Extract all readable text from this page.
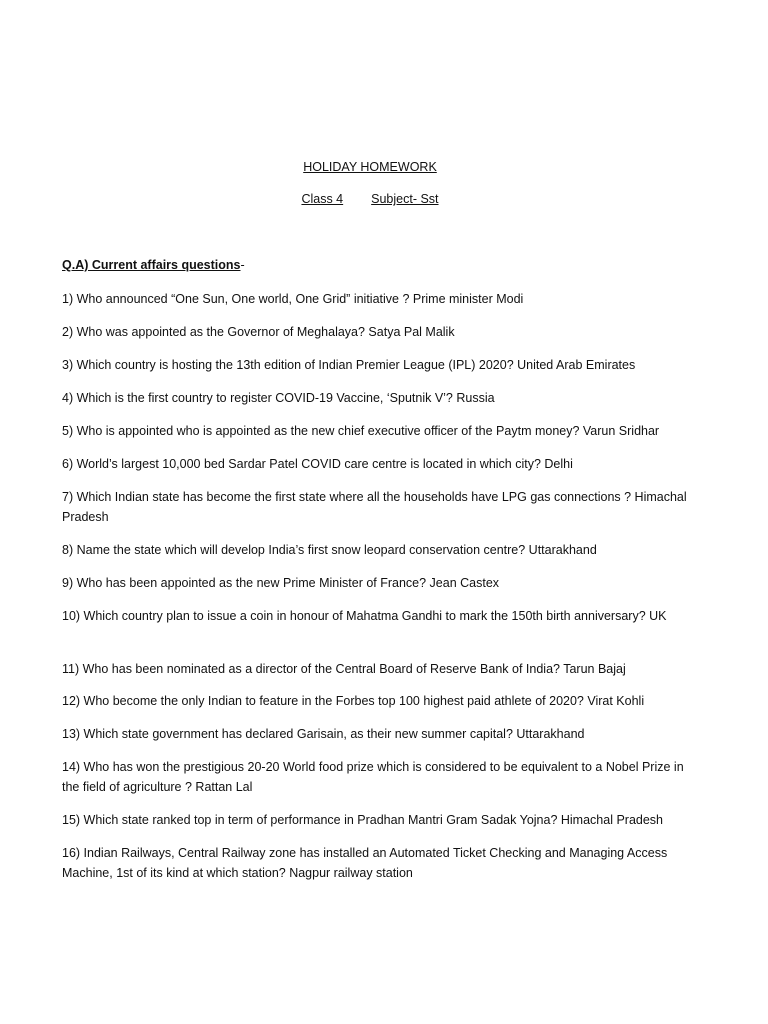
HOLIDAY HOMEWORK
Class 4 Subject- Sst
Q.A) Current affairs questions-
1) Who announced “One Sun, One world, One Grid” initiative ? Prime minister Modi
2) Who was appointed as the Governor of Meghalaya? Satya Pal Malik
3) Which country is hosting the 13th edition of Indian Premier League (IPL) 2020? United Arab Emirates
4) Which is the first country to register COVID-19 Vaccine, ‘Sputnik V’? Russia
5) Who is appointed who is appointed as the new chief executive officer of the Paytm money? Varun Sridhar
6) World’s largest 10,000 bed Sardar Patel COVID care centre is located in which city? Delhi
7) Which Indian state has become the first state where all the households have LPG gas connections ? Himachal Pradesh
8) Name the state which will develop India’s first snow leopard conservation centre? Uttarakhand
9) Who has been appointed as the new Prime Minister of France? Jean Castex
10) Which country plan to issue a coin in honour of Mahatma Gandhi to mark the 150th birth anniversary? UK
11) Who has been nominated as a director of the Central Board of Reserve Bank of India? Tarun Bajaj
12) Who become the only Indian to feature in the Forbes top 100 highest paid athlete of 2020? Virat Kohli
13) Which state government has declared Garisain, as their new summer capital? Uttarakhand
14) Who has won the prestigious 20-20 World food prize which is considered to be equivalent to a Nobel Prize in the field of agriculture ? Rattan Lal
15) Which state ranked top in term of performance in Pradhan Mantri Gram Sadak Yojna? Himachal Pradesh
16) Indian Railways, Central Railway zone has installed an Automated Ticket Checking and Managing Access Machine, 1st of its kind at which station? Nagpur railway station
